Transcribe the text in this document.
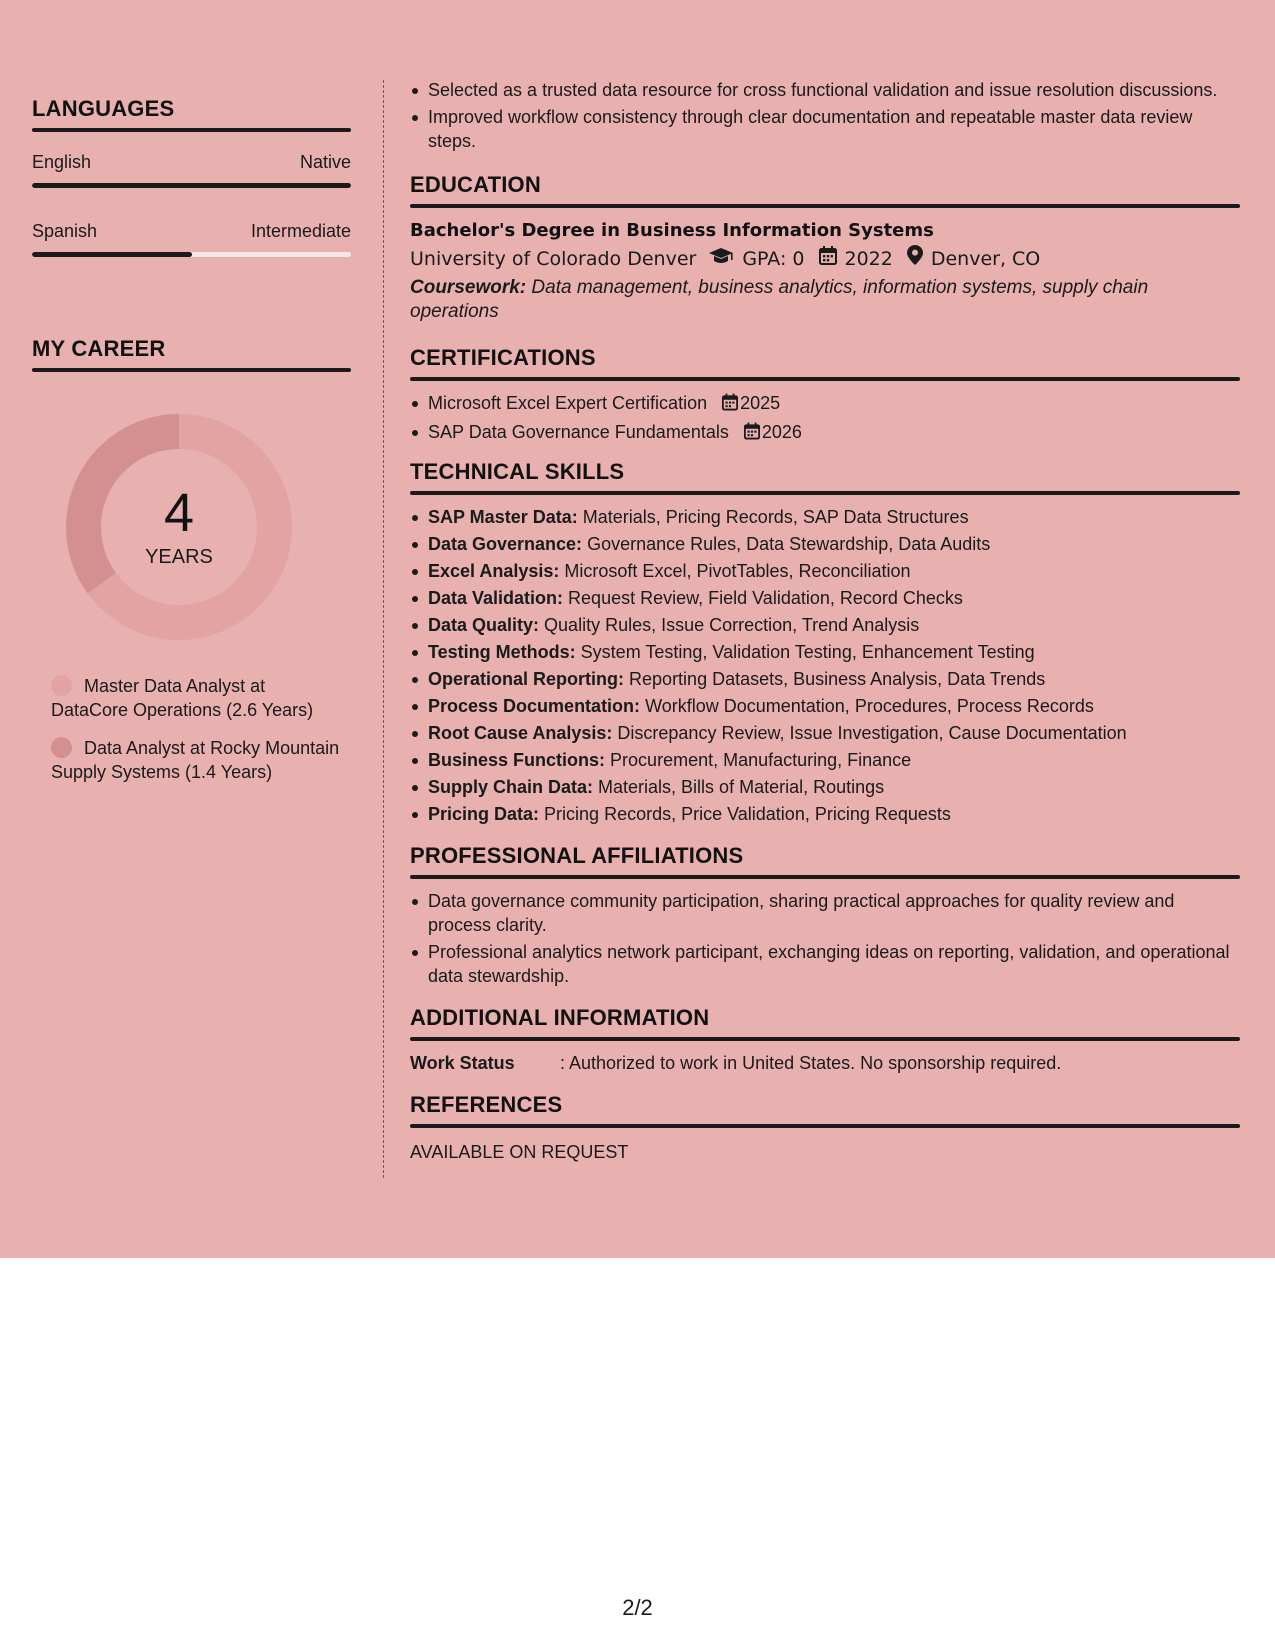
LANGUAGES
English	Native
Spanish	Intermediate
MY CAREER
4
YEARS
Master Data Analyst at DataCore Operations (2.6 Years)
Data Analyst at Rocky Mountain Supply Systems (1.4 Years)
Selected as a trusted data resource for cross functional validation and issue resolution discussions.
Improved workflow consistency through clear documentation and repeatable master data review steps.
EDUCATION
Bachelor's Degree in Business Information Systems
University of Colorado Denver GPA: 0 2022 Denver, CO
Coursework: Data management, business analytics, information systems, supply chain operations
CERTIFICATIONS
Microsoft Excel Expert Certification 2025
SAP Data Governance Fundamentals 2026
TECHNICAL SKILLS
SAP Master Data: Materials, Pricing Records, SAP Data Structures
Data Governance: Governance Rules, Data Stewardship, Data Audits
Excel Analysis: Microsoft Excel, PivotTables, Reconciliation
Data Validation: Request Review, Field Validation, Record Checks
Data Quality: Quality Rules, Issue Correction, Trend Analysis
Testing Methods: System Testing, Validation Testing, Enhancement Testing
Operational Reporting: Reporting Datasets, Business Analysis, Data Trends
Process Documentation: Workflow Documentation, Procedures, Process Records
Root Cause Analysis: Discrepancy Review, Issue Investigation, Cause Documentation
Business Functions: Procurement, Manufacturing, Finance
Supply Chain Data: Materials, Bills of Material, Routings
Pricing Data: Pricing Records, Price Validation, Pricing Requests
PROFESSIONAL AFFILIATIONS
Data governance community participation, sharing practical approaches for quality review and process clarity.
Professional analytics network participant, exchanging ideas on reporting, validation, and operational data stewardship.
ADDITIONAL INFORMATION
Work Status	: Authorized to work in United States. No sponsorship required.
REFERENCES
AVAILABLE ON REQUEST
2/2
